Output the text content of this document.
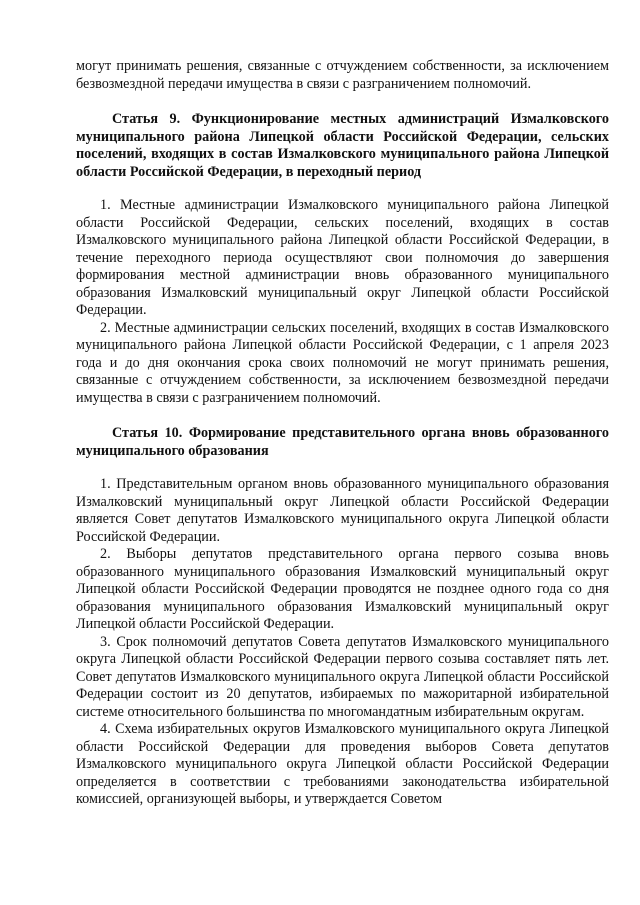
могут принимать решения, связанные с отчуждением собственности, за исключением безвозмездной передачи имущества в связи с разграничением полномочий.

Статья 9. Функционирование местных администраций Измалковского муниципального района Липецкой области Российской Федерации, сельских поселений, входящих в состав Измалковского муниципального района Липецкой области Российской Федерации, в переходный период

1. Местные администрации Измалковского муниципального района Липецкой области Российской Федерации, сельских поселений, входящих в состав Измалковского муниципального района Липецкой области Российской Федерации, в течение переходного периода осуществляют свои полномочия до завершения формирования местной администрации вновь образованного муниципального образования Измалковский муниципальный округ Липецкой области Российской Федерации.

2. Местные администрации сельских поселений, входящих в состав Измалковского муниципального района Липецкой области Российской Федерации, с 1 апреля 2023 года и до дня окончания срока своих полномочий не могут принимать решения, связанные с отчуждением собственности, за исключением безвозмездной передачи имущества в связи с разграничением полномочий.

Статья 10. Формирование представительного органа вновь образованного муниципального образования

1. Представительным органом вновь образованного муниципального образования Измалковский муниципальный округ Липецкой области Российской Федерации является Совет депутатов Измалковского муниципального округа Липецкой области Российской Федерации.

2. Выборы депутатов представительного органа первого созыва вновь образованного муниципального образования Измалковский муниципальный округ Липецкой области Российской Федерации проводятся не позднее одного года со дня образования муниципального образования Измалковский муниципальный округ Липецкой области Российской Федерации.

3. Срок полномочий депутатов Совета депутатов Измалковского муниципального округа Липецкой области Российской Федерации первого созыва составляет пять лет. Совет депутатов Измалковского муниципального округа Липецкой области Российской Федерации состоит из 20 депутатов, избираемых по мажоритарной избирательной системе относительного большинства по многомандатным избирательным округам.

4. Схема избирательных округов Измалковского муниципального округа Липецкой области Российской Федерации для проведения выборов Совета депутатов Измалковского муниципального округа Липецкой области Российской Федерации определяется в соответствии с требованиями законодательства избирательной комиссией, организующей выборы, и утверждается Советом
